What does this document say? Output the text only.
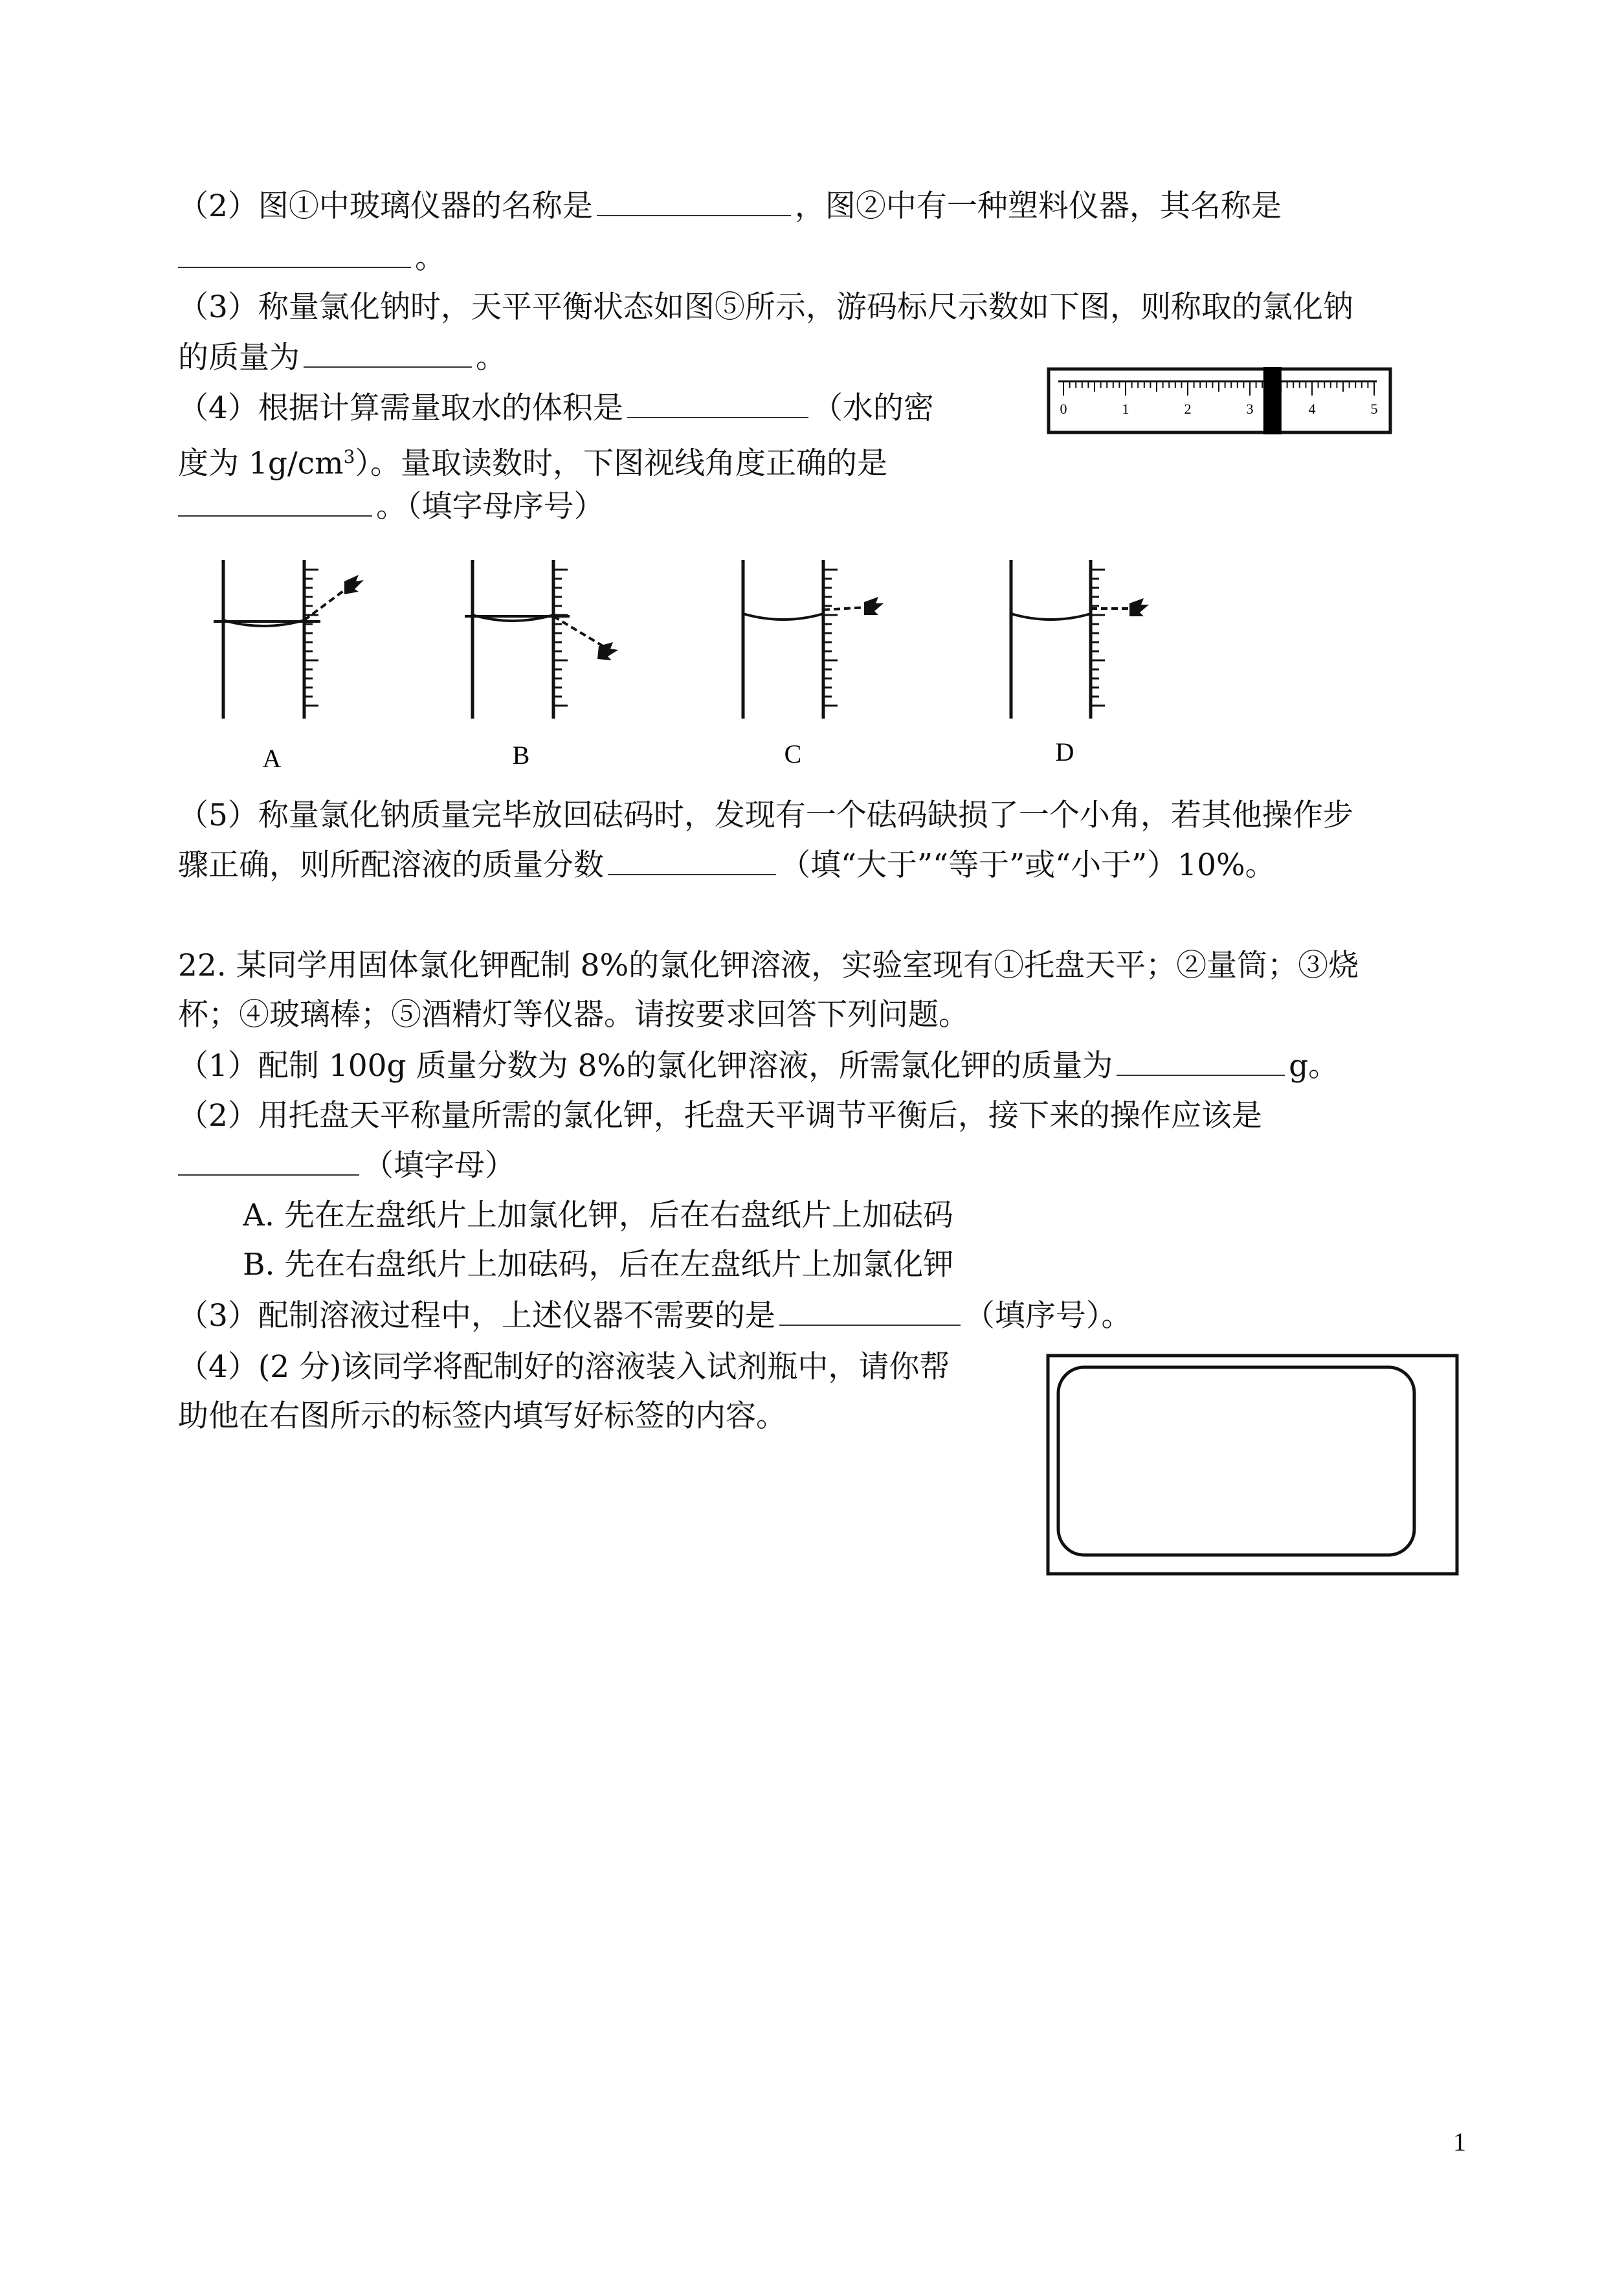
（2）图①中玻璃仪器的名称是	，图②中有一种塑料仪器，其名称是
。
（3）称量氯化钠时，天平平衡状态如图⑤所示，游码标尺示数如下图，则称取的氯化钠
的质量为	。
（4）根据计算需量取水的体积是	（水的密
度为 $1g/cm^3$）。量取读数时，下图视线角度正确的是
。（填字母序号）
0	1	2	3	4	5
A	B	C	D
（5）称量氯化钠质量完毕放回砝码时，发现有一个砝码缺损了一个小角，若其他操作步
骤正确，则所配溶液的质量分数	（填“大于”“等于”或“小于”）10%。
22. 某同学用固体氯化钾配制 8%的氯化钾溶液，实验室现有①托盘天平；②量筒；③烧
杯；④玻璃棒；⑤酒精灯等仪器。请按要求回答下列问题。
（1）配制 100g 质量分数为 8%的氯化钾溶液，所需氯化钾的质量为	g。
（2）用托盘天平称量所需的氯化钾，托盘天平调节平衡后，接下来的操作应该是
（填字母）
A. 先在左盘纸片上加氯化钾，后在右盘纸片上加砝码
B. 先在右盘纸片上加砝码，后在左盘纸片上加氯化钾
（3）配制溶液过程中，上述仪器不需要的是	（填序号）。
（4）(2 分)该同学将配制好的溶液装入试剂瓶中，请你帮
助他在右图所示的标签内填写好标签的内容。
1
